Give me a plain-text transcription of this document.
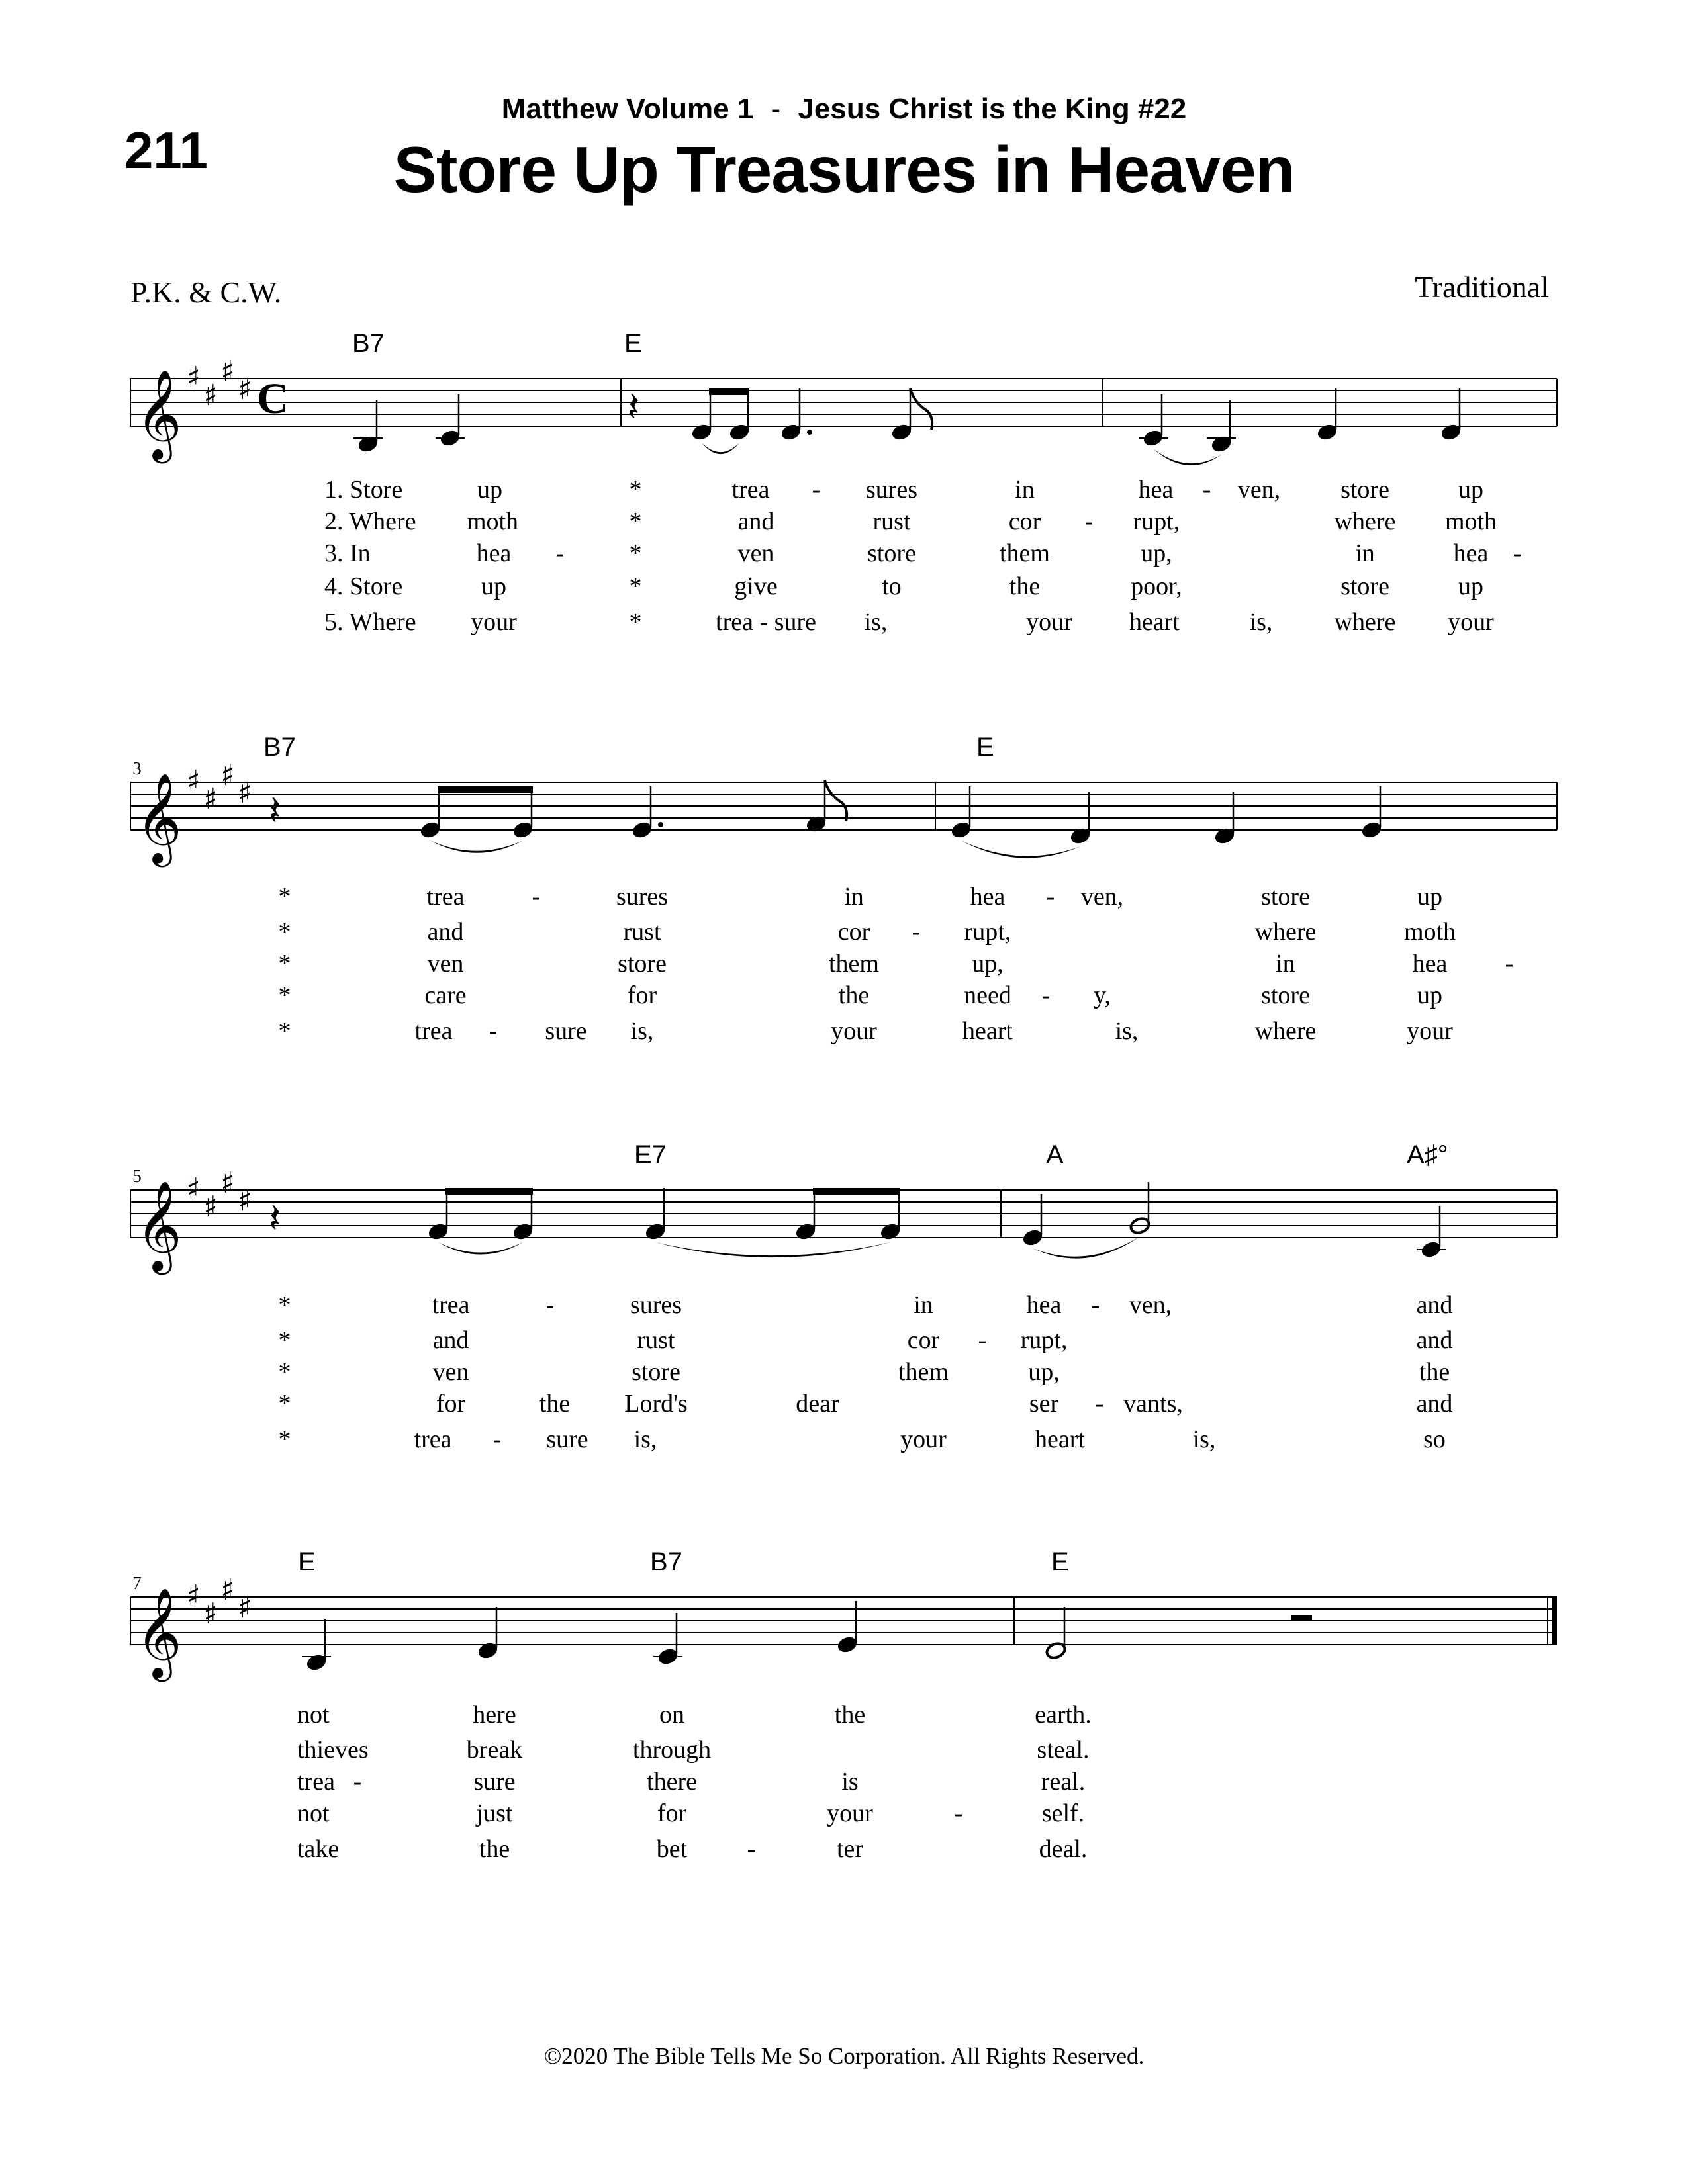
211
Matthew Volume 1 - Jesus Christ is the King #22
Store Up Treasures in Heaven
P.K. & C.W.	Traditional
𝄞 ♯
♯
♯
♯ C	𝄽
B7	E
𝄞 ♯
♯
♯
♯
3
𝄽
B7	E
𝄞 ♯
♯
♯
♯
5
𝄽
E7	A	A♯°
𝄞 ♯
♯
♯
♯
7
E	B7	E
1. Store	up	*	trea - sures	in	hea - ven, store	up
2. Where moth	*	and	rust	cor - rupt,	where moth
3. In	hea -	*	ven	store	them	up,	in	hea -
4. Store	up	*	give	to	the	poor,	store	up
5. Where your	*	trea - sure is,	your heart	is, where your
*	trea	-	sures	in	hea - ven,	store	up
*	and	rust	cor - rupt,	where	moth
*	ven	store	them	up,	in	hea -
*	care	for	the	need - y,	store	up
*	trea - sure is,	your	heart	is,	where	your
*	trea	-	sures	in	hea - ven,	and
*	and	rust	cor - rupt,	and
*	ven	store	them	up,	the
*	for	the Lord's	dear	ser - vants,	and
*	trea - sure is,	your	heart	is,	so
not	here	on	the	earth.
thieves	break	through	steal.
trea -	sure	there	is	real.
not	just	for	your	-	self.
take	the	bet -	ter	deal.
©2020 The Bible Tells Me So Corporation. All Rights Reserved.
